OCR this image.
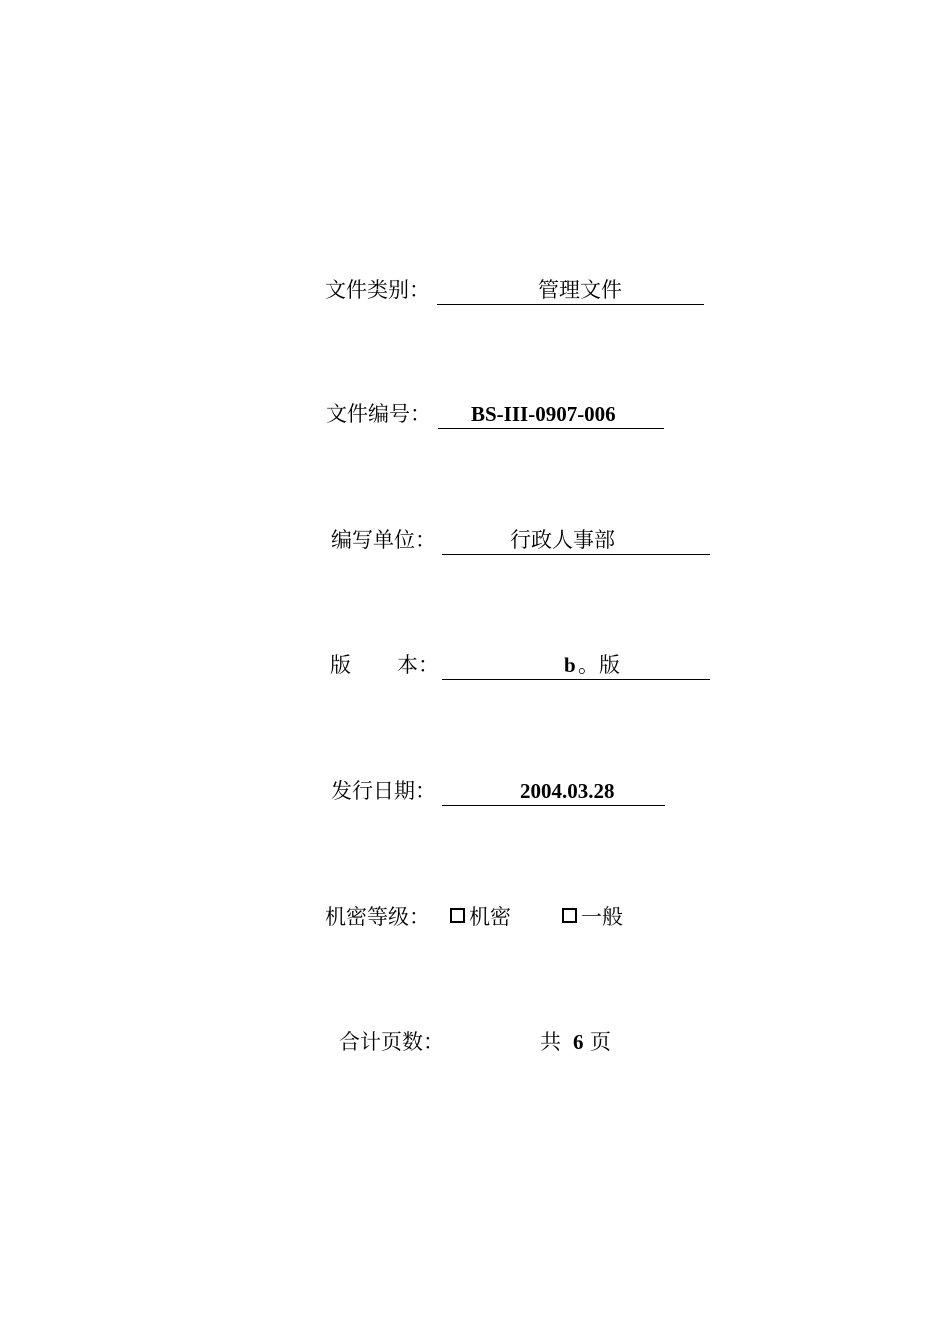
文件类别：	管理文件
文件编号： BS-III-0907-006
编写单位：	行政人事部
版 本：	b 。版
发行日期：	2004.03.28
机密等级： 机密	一般
合计页数：	共 6 页
